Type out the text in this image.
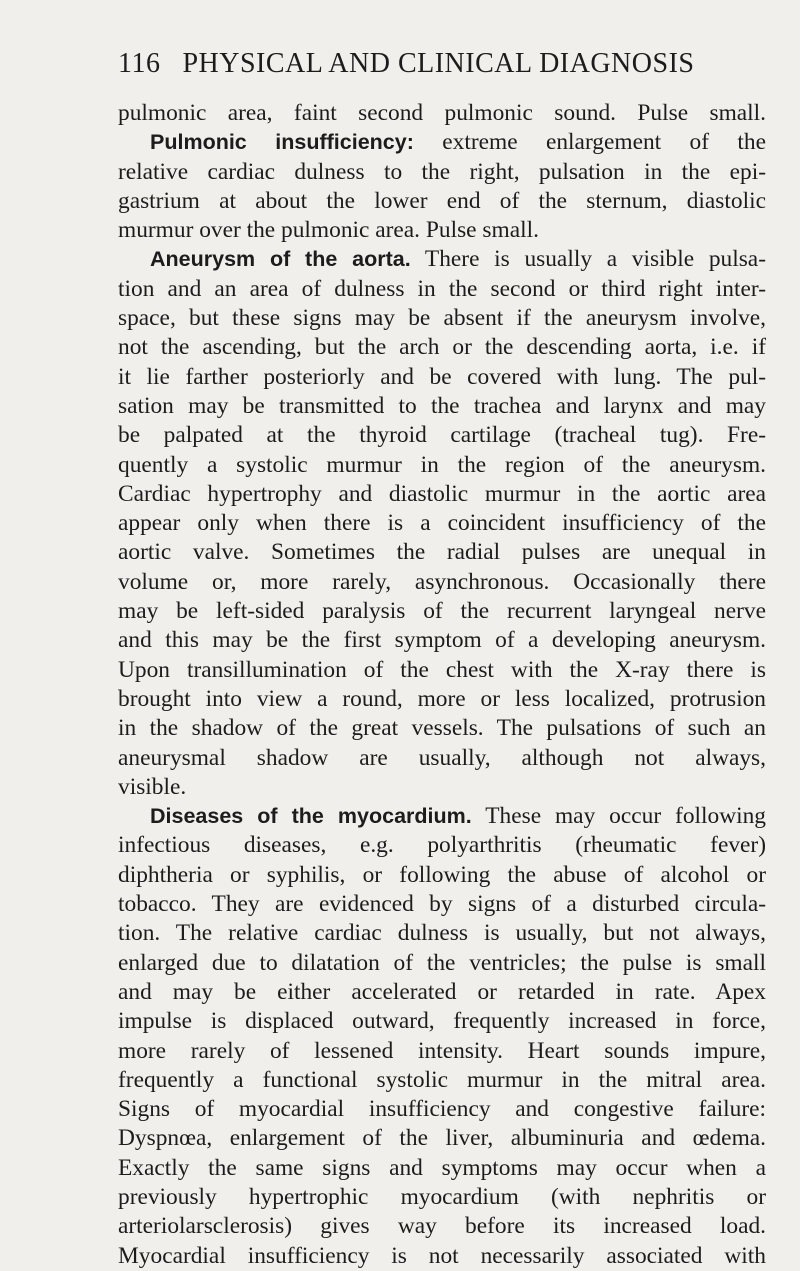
116 PHYSICAL AND CLINICAL DIAGNOSIS
pulmonic area, faint second pulmonic sound. Pulse small.
Pulmonic insufficiency: extreme enlargement of the
relative cardiac dulness to the right, pulsation in the epi-
gastrium at about the lower end of the sternum, diastolic
murmur over the pulmonic area. Pulse small.
Aneurysm of the aorta. There is usually a visible pulsa-
tion and an area of dulness in the second or third right inter-
space, but these signs may be absent if the aneurysm involve,
not the ascending, but the arch or the descending aorta, i.e. if
it lie farther posteriorly and be covered with lung. The pul-
sation may be transmitted to the trachea and larynx and may
be palpated at the thyroid cartilage (tracheal tug). Fre-
quently a systolic murmur in the region of the aneurysm.
Cardiac hypertrophy and diastolic murmur in the aortic area
appear only when there is a coincident insufficiency of the
aortic valve. Sometimes the radial pulses are unequal in
volume or, more rarely, asynchronous. Occasionally there
may be left-sided paralysis of the recurrent laryngeal nerve
and this may be the first symptom of a developing aneurysm.
Upon transillumination of the chest with the X-ray there is
brought into view a round, more or less localized, protrusion
in the shadow of the great vessels. The pulsations of such an
aneurysmal shadow are usually, although not always,
visible.
Diseases of the myocardium. These may occur following
infectious diseases, e.g. polyarthritis (rheumatic fever)
diphtheria or syphilis, or following the abuse of alcohol or
tobacco. They are evidenced by signs of a disturbed circula-
tion. The relative cardiac dulness is usually, but not always,
enlarged due to dilatation of the ventricles; the pulse is small
and may be either accelerated or retarded in rate. Apex
impulse is displaced outward, frequently increased in force,
more rarely of lessened intensity. Heart sounds impure,
frequently a functional systolic murmur in the mitral area.
Signs of myocardial insufficiency and congestive failure:
Dyspnœa, enlargement of the liver, albuminuria and œdema.
Exactly the same signs and symptoms may occur when a
previously hypertrophic myocardium (with nephritis or
arteriolarsclerosis) gives way before its increased load.
Myocardial insufficiency is not necessarily associated with
